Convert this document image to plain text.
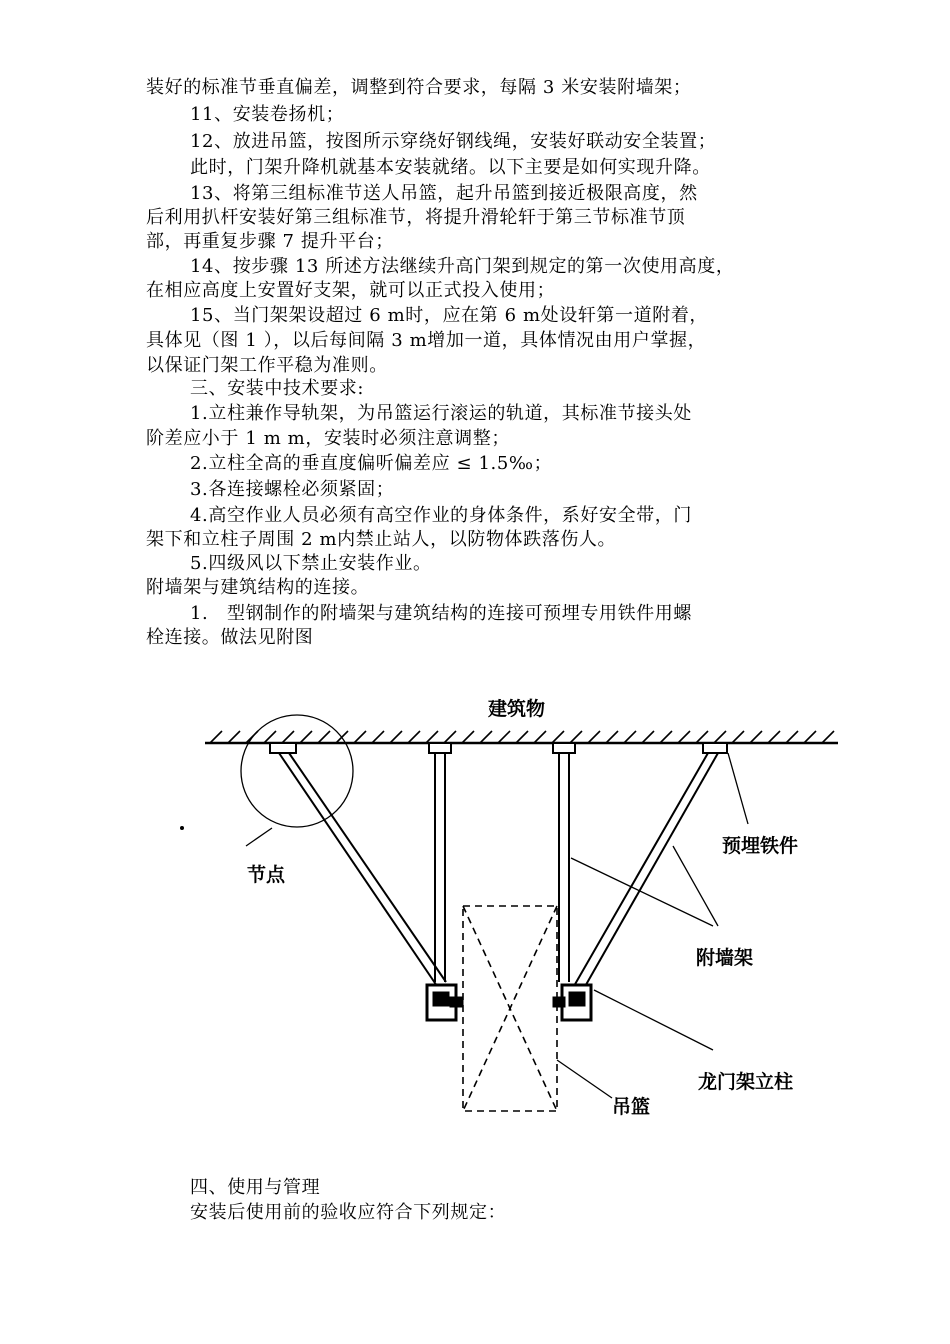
装好的标准节垂直偏差，调整到符合要求，每隔 3 米安装附墙架；
11、安装卷扬机；
12、放进吊篮，按图所示穿绕好钢线绳，安装好联动安全装置；
此时，门架升降机就基本安装就绪。以下主要是如何实现升降。
13、将第三组标准节送人吊篮，起升吊篮到接近极限高度，然
后利用扒杆安装好第三组标准节，将提升滑轮轩于第三节标准节顶
部，再重复步骤 7 提升平台；
14、按步骤 13 所述方法继续升高门架到规定的第一次使用高度，
在相应高度上安置好支架，就可以正式投入使用；
15、当门架架设超过 6 m时，应在第 6 m处设轩第一道附着，
具体见（图 1 ），以后每间隔 3 m增加一道，具体情况由用户掌握，
以保证门架工作平稳为准则。
三、安装中技术要求:
1.立柱兼作导轨架，为吊篮运行滚运的轨道，其标准节接头处
阶差应小于 1 m m，安装时必须注意调整；
2.立柱全高的垂直度偏听偏差应 ≤ 1.5‰；
3.各连接螺栓必须紧固；
4.高空作业人员必须有高空作业的身体条件，系好安全带，门
架下和立柱子周围 2 m内禁止站人，以防物体跌落伤人。
5.四级风以下禁止安装作业。
附墙架与建筑结构的连接。
1.　型钢制作的附墙架与建筑结构的连接可预埋专用铁件用螺
栓连接。做法见附图
建筑物
节点
预埋铁件
附墙架
龙门架立柱
吊篮
四、使用与管理
安装后使用前的验收应符合下列规定：
